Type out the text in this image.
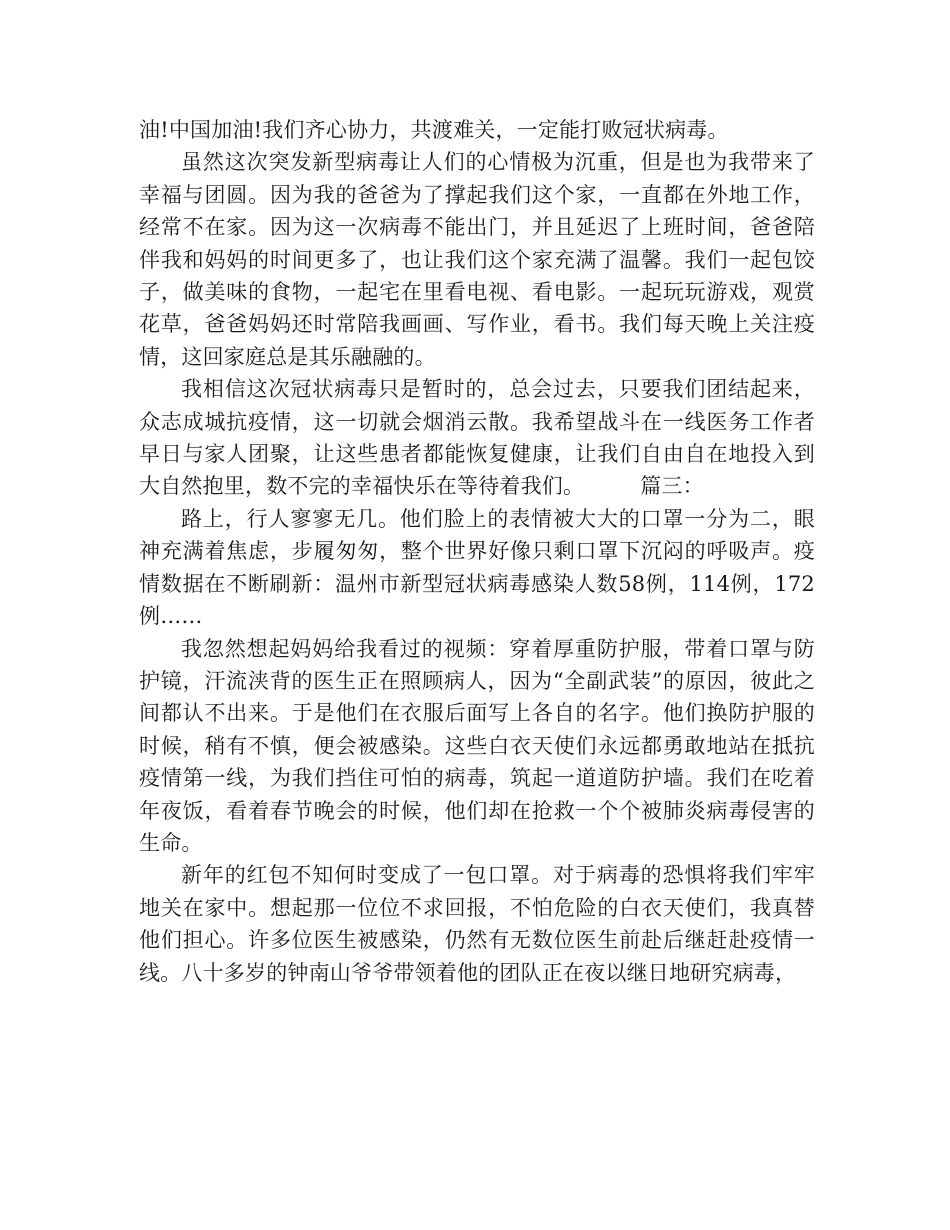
油!中国加油!我们齐心协力，共渡难关，一定能打败冠状病毒。

虽然这次突发新型病毒让人们的心情极为沉重，但是也为我带来了幸福与团圆。因为我的爸爸为了撑起我们这个家，一直都在外地工作，经常不在家。因为这一次病毒不能出门，并且延迟了上班时间，爸爸陪伴我和妈妈的时间更多了，也让我们这个家充满了温馨。我们一起包饺子，做美味的食物，一起宅在里看电视、看电影。一起玩玩游戏，观赏花草，爸爸妈妈还时常陪我画画、写作业，看书。我们每天晚上关注疫情，这回家庭总是其乐融融的。

我相信这次冠状病毒只是暂时的，总会过去，只要我们团结起来，众志成城抗疫情，这一切就会烟消云散。我希望战斗在一线医务工作者早日与家人团聚，让这些患者都能恢复健康，让我们自由自在地投入到大自然抱里，数不完的幸福快乐在等待着我们。	篇三：

路上，行人寥寥无几。他们脸上的表情被大大的口罩一分为二，眼神充满着焦虑，步履匆匆，整个世界好像只剩口罩下沉闷的呼吸声。疫情数据在不断刷新：温州市新型冠状病毒感染人数58例，114例，172例……

我忽然想起妈妈给我看过的视频：穿着厚重防护服，带着口罩与防护镜，汗流浃背的医生正在照顾病人，因为“全副武装”的原因，彼此之间都认不出来。于是他们在衣服后面写上各自的名字。他们换防护服的时候，稍有不慎，便会被感染。这些白衣天使们永远都勇敢地站在抵抗疫情第一线，为我们挡住可怕的病毒，筑起一道道防护墙。我们在吃着年夜饭，看着春节晚会的时候，他们却在抢救一个个被肺炎病毒侵害的生命。

新年的红包不知何时变成了一包口罩。对于病毒的恐惧将我们牢牢地关在家中。想起那一位位不求回报，不怕危险的白衣天使们，我真替他们担心。许多位医生被感染，仍然有无数位医生前赴后继赶赴疫情一线。八十多岁的钟南山爷爷带领着他的团队正在夜以继日地研究病毒，
